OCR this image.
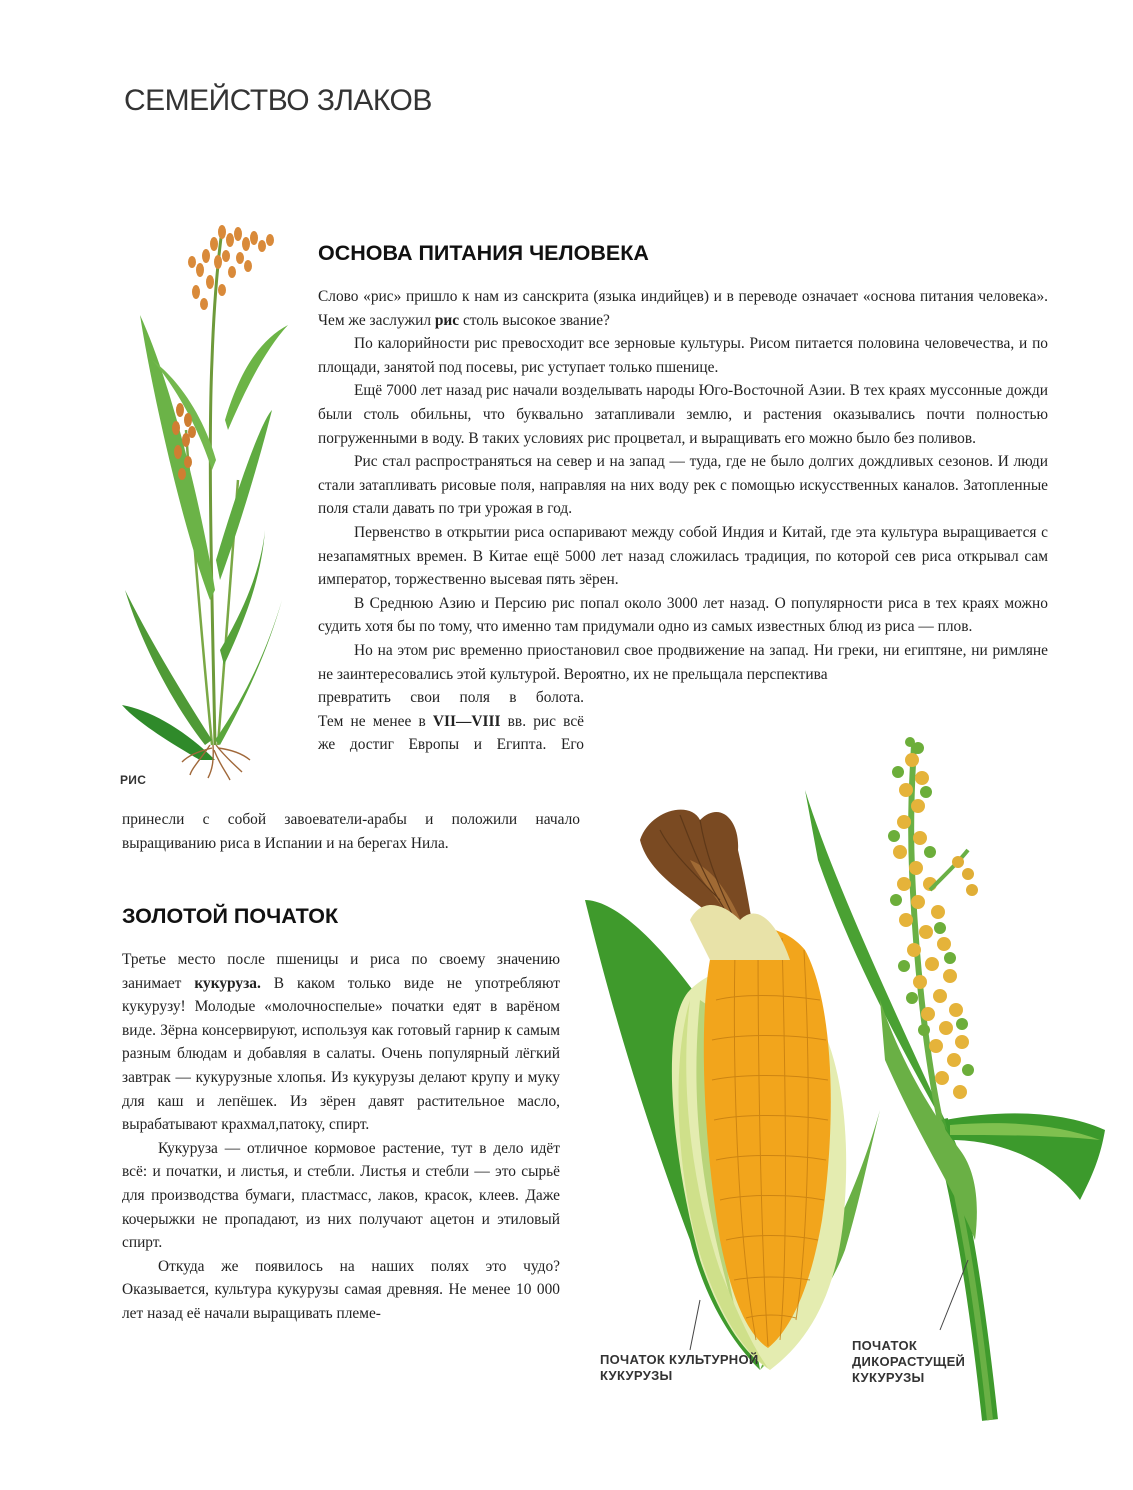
СЕМЕЙСТВО ЗЛАКОВ
ОСНОВА ПИТАНИЯ ЧЕЛОВЕКА

Слово «рис» пришло к нам из санскрита (языка индийцев) и в переводе означает «основа питания человека». Чем же заслужил рис столь высокое звание?

По калорийности рис превосходит все зерновые культуры. Рисом питается половина человечества, и по площади, занятой под посевы, рис уступает только пшенице.

Ещё 7000 лет назад рис начали возделывать народы Юго-Восточной Азии. В тех краях муссонные дожди были столь обильны, что буквально затапливали землю, и растения оказывались почти полностью погруженными в воду. В таких условиях рис процветал, и выращивать его можно было без поливов.

Рис стал распространяться на север и на запад — туда, где не было долгих дождливых сезонов. И люди стали затапливать рисовые поля, направляя на них воду рек с помощью искусственных каналов. Затопленные поля стали давать по три урожая в год.

Первенство в открытии риса оспаривают между собой Индия и Китай, где эта культура выращивается с незапамятных времен. В Китае ещё 5000 лет назад сложилась традиция, по которой сев риса открывал сам император, торжественно высевая пять зёрен.

В Среднюю Азию и Персию рис попал около 3000 лет назад. О популярности риса в тех краях можно судить хотя бы по тому, что именно там придумали одно из самых известных блюд из риса — плов.

Но на этом рис временно приостановил свое продвижение на запад. Ни греки, ни египтяне, ни римляне не заинтересовались этой культурой. Вероятно, их не прельщала перспектива

превратить свои поля в болота.
Тем не менее в VII—VIII вв. рис всё
же достиг Европы и Египта. Его
принесли с собой завоеватели-арабы и положили начало выращиванию риса в Испании и на берегах Нила.
РИС
ЗОЛОТОЙ ПОЧАТОК

Третье место после пшеницы и риса по своему значению занимает кукуруза. В каком только виде не употребляют кукурузу! Молодые «молочноспелые» початки едят в варёном виде. Зёрна консервируют, используя как готовый гарнир к самым разным блюдам и добавляя в салаты. Очень популярный лёгкий завтрак — кукурузные хлопья. Из кукурузы делают крупу и муку для каш и лепёшек. Из зёрен давят растительное масло, вырабатывают крахмал,патоку, спирт.

Кукуруза — отличное кормовое растение, тут в дело идёт всё: и початки, и листья, и стебли. Листья и стебли — это сырьё для производства бумаги, пластмасс, лаков, красок, клеев. Даже кочерыжки не пропадают, из них получают ацетон и этиловый спирт.

Откуда же появилось на наших полях это чудо? Оказывается, культура кукурузы самая древняя. Не менее 10 000 лет назад её начали выращивать племе-

ПОЧАТОК КУЛЬТУРНОЙ
КУКУРУЗЫ
ПОЧАТОК
ДИКОРАСТУЩЕЙ
КУКУРУЗЫ
